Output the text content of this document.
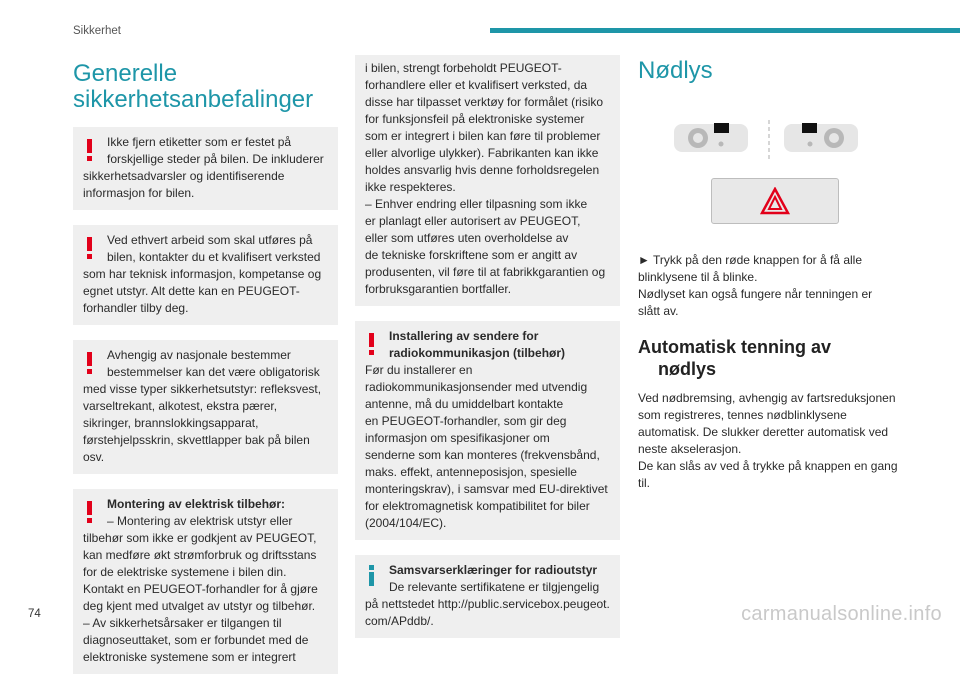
Sikkerhet
Generelle
sikkerhetsanbefalinger
Ikke fjern etiketter som er festet på
forskjellige steder på bilen. De inkluderer
sikkerhetsadvarsler og identifiserende
informasjon for bilen.
Ved ethvert arbeid som skal utføres på
bilen, kontakter du et kvalifisert verksted
som har teknisk informasjon, kompetanse og
egnet utstyr. Alt dette kan en PEUGEOT-
forhandler tilby deg.
Avhengig av nasjonale bestemmer
bestemmelser kan det være obligatorisk
med visse typer sikkerhetsutstyr: refleksvest,
varseltrekant, alkotest, ekstra pærer,
sikringer, brannslokkingsapparat,
førstehjelpsskrin, skvettlapper bak på bilen
osv.
Montering av elektrisk tilbehør:
– Montering av elektrisk utstyr eller
tilbehør som ikke er godkjent av PEUGEOT,
kan medføre økt strømforbruk og driftsstans
for de elektriske systemene i bilen din.
Kontakt en PEUGEOT-forhandler for å gjøre
deg kjent med utvalget av utstyr og tilbehør.
– Av sikkerhetsårsaker er tilgangen til
diagnoseuttaket, som er forbundet med de
elektroniske systemene som er integrert
i bilen, strengt forbeholdt PEUGEOT-
forhandlere eller et kvalifisert verksted, da
disse har tilpasset verktøy for formålet (risiko
for funksjonsfeil på elektroniske systemer
som er integrert i bilen kan føre til problemer
eller alvorlige ulykker). Fabrikanten kan ikke
holdes ansvarlig hvis denne forholdsregelen
ikke respekteres.
– Enhver endring eller tilpasning som ikke
er planlagt eller autorisert av PEUGEOT,
eller som utføres uten overholdelse av
de tekniske forskriftene som er angitt av
produsenten, vil føre til at fabrikkgarantien og
forbruksgarantien bortfaller.
Installering av sendere for
radiokommunikasjon (tilbehør)
Før du installerer en
radiokommunikasjonsender med utvendig
antenne, må du umiddelbart kontakte
en PEUGEOT-forhandler, som gir deg
informasjon om spesifikasjoner om
senderne som kan monteres (frekvensbånd,
maks. effekt, antenneposisjon, spesielle
monteringskrav), i samsvar med EU-direktivet
for elektromagnetisk kompatibilitet for biler
(2004/104/EC).
Samsvarserklæringer for radioutstyr
De relevante sertifikatene er tilgjengelig
på nettstedet http://public.servicebox.peugeot.
com/APddb/.
Nødlys
► Trykk på den røde knappen for å få alle
blinklysene til å blinke.
Nødlyset kan også fungere når tenningen er
slått av.
Automatisk tenning av
nødlys
Ved nødbremsing, avhengig av fartsreduksjonen
som registreres, tennes nødblinklysene
automatisk. De slukker deretter automatisk ved
neste akselerasjon.
De kan slås av ved å trykke på knappen en gang
til.
74	carmanualsonline.info
